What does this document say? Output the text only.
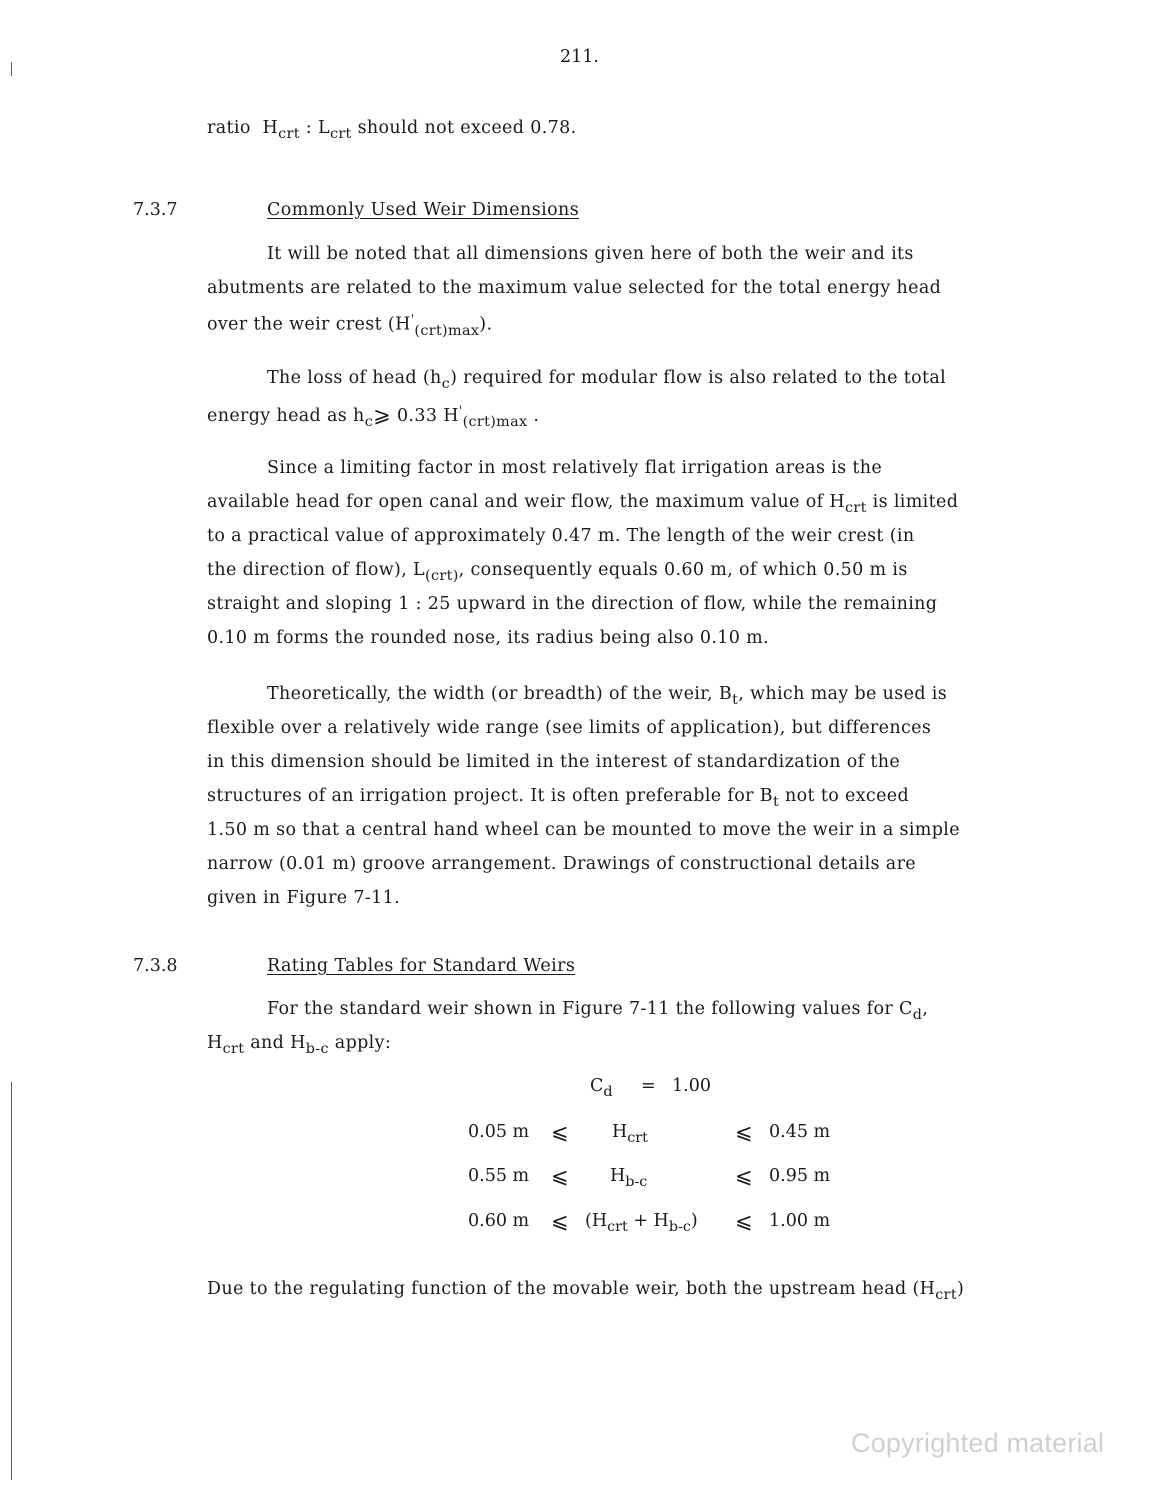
211.
ratio $H_{crt}$ : $L_{crt}$ should not exceed 0.78.
7.3.7	Commonly Used Weir Dimensions
It will be noted that all dimensions given here of both the weir and its
abutments are related to the maximum value selected for the total energy head
over the weir crest $(H'_{(crt)max})$.
The loss of head $(h_c)$ required for modular flow is also related to the total
energy head as $h_c⩾$ 0.33 $H'_{(crt)max}$ .
Since a limiting factor in most relatively flat irrigation areas is the
available head for open canal and weir flow, the maximum value of $H_{crt}$ is limited
to a practical value of approximately 0.47 m. The length of the weir crest (in
the direction of flow), $L_{(crt)}$, consequently equals 0.60 m, of which 0.50 m is
straight and sloping 1 : 25 upward in the direction of flow, while the remaining
0.10 m forms the rounded nose, its radius being also 0.10 m.
Theoretically, the width (or breadth) of the weir, $B_t$, which may be used is
flexible over a relatively wide range (see limits of application), but differences
in this dimension should be limited in the interest of standardization of the
structures of an irrigation project. It is often preferable for $B_t$ not to exceed
1.50 m so that a central hand wheel can be mounted to move the weir in a simple
narrow (0.01 m) groove arrangement. Drawings of constructional details are
given in Figure 7-11.
7.3.8	Rating Tables for Standard Weirs
For the standard weir shown in Figure 7-11 the following values for $C_d$,
$H_{crt}$ and $H_{b-c}$ apply:
$C_d = 1.00$
0.05 m ⩽ $H_{crt}$	⩽ 0.45 m
0.55 m ⩽ $H_{b-c}$	⩽ 0.95 m
0.60 m ⩽ $(H_{crt} + H_{b-c})$ ⩽ 1.00 m
Due to the regulating function of the movable weir, both the upstream head $(H_{crt})$
Copyrighted material
